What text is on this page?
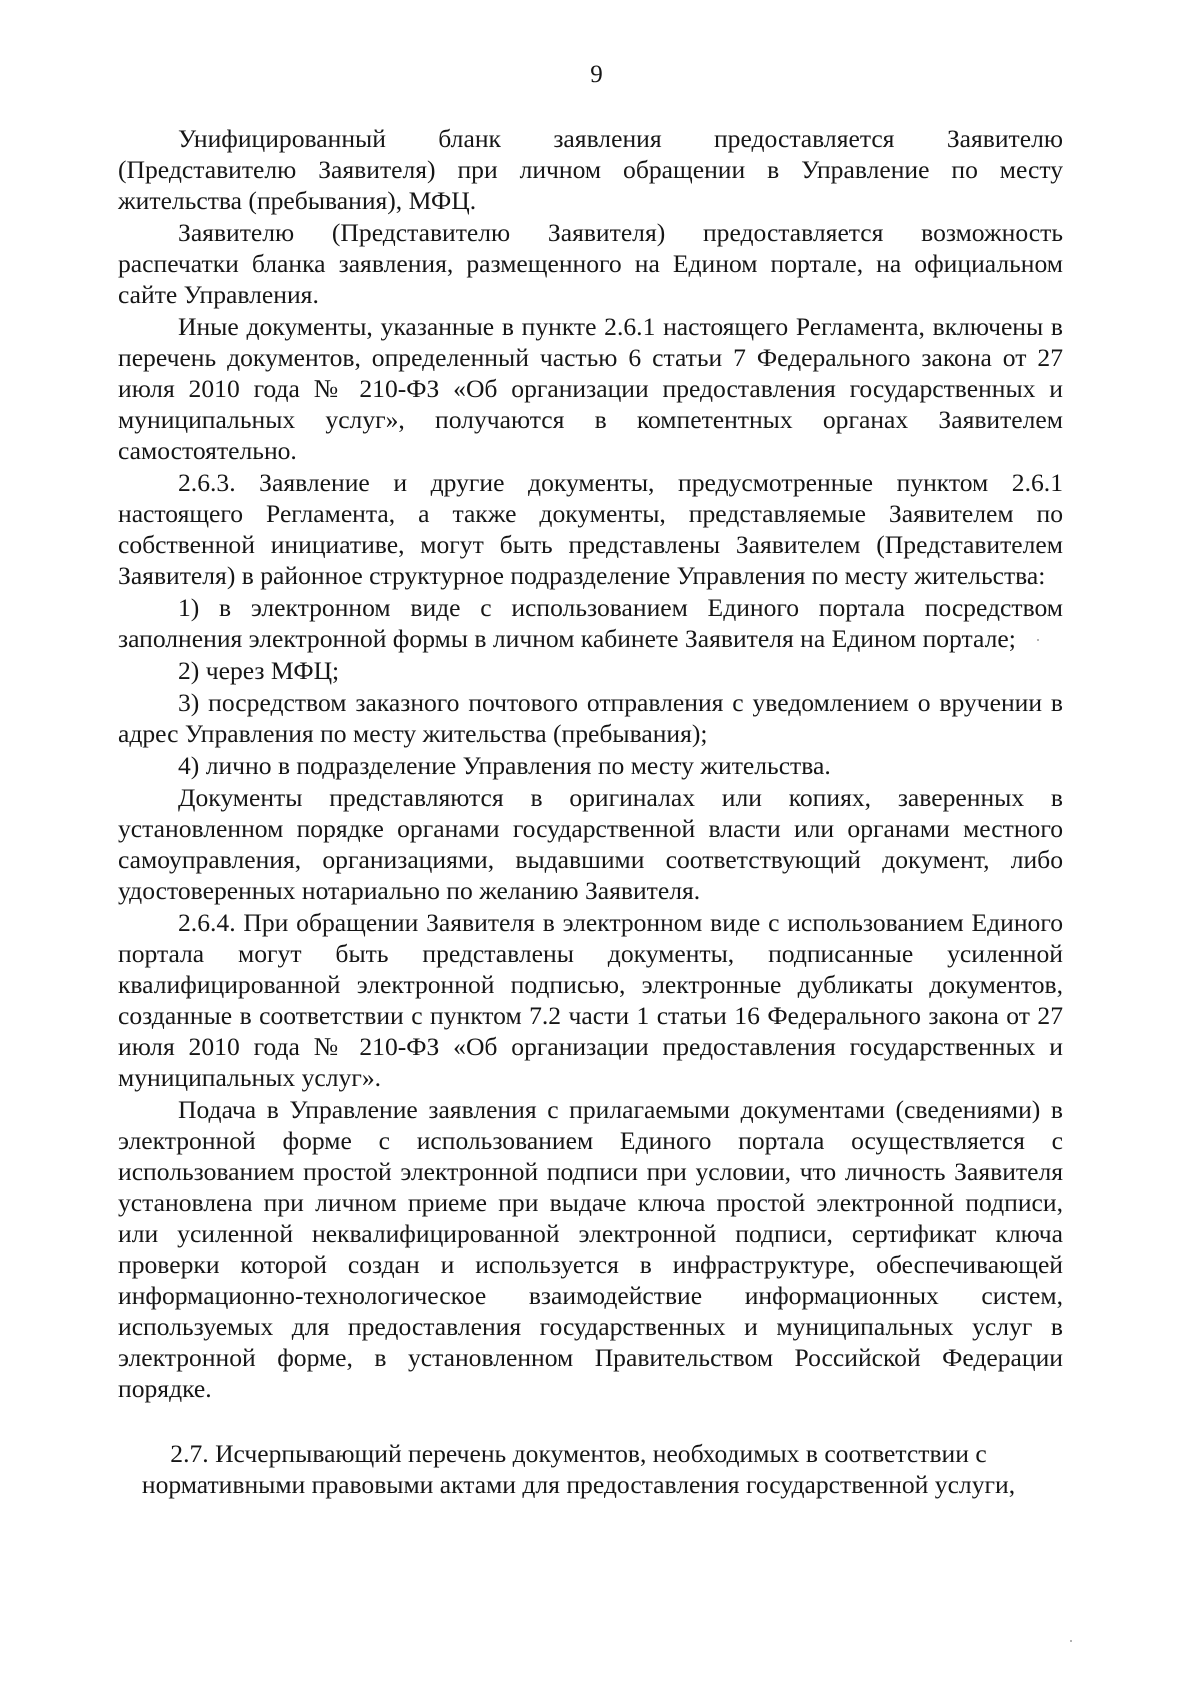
9

Унифицированный бланк заявления предоставляется Заявителю (Представителю Заявителя) при личном обращении в Управление по месту жительства (пребывания), МФЦ.

Заявителю (Представителю Заявителя) предоставляется возможность распечатки бланка заявления, размещенного на Едином портале, на официальном сайте Управления.

Иные документы, указанные в пункте 2.6.1 настоящего Регламента, включены в перечень документов, определенный частью 6 статьи 7 Федерального закона от 27 июля 2010 года № 210-ФЗ «Об организации предоставления государственных и муниципальных услуг», получаются в компетентных органах Заявителем самостоятельно.

2.6.3. Заявление и другие документы, предусмотренные пунктом 2.6.1 настоящего Регламента, а также документы, представляемые Заявителем по собственной инициативе, могут быть представлены Заявителем (Представителем Заявителя) в районное структурное подразделение Управления по месту жительства:

1) в электронном виде с использованием Единого портала посредством заполнения электронной формы в личном кабинете Заявителя на Едином портале;

2) через МФЦ;

3) посредством заказного почтового отправления с уведомлением о вручении в адрес Управления по месту жительства (пребывания);

4) лично в подразделение Управления по месту жительства.

Документы представляются в оригиналах или копиях, заверенных в установленном порядке органами государственной власти или органами местного самоуправления, организациями, выдавшими соответствующий документ, либо удостоверенных нотариально по желанию Заявителя.

2.6.4. При обращении Заявителя в электронном виде с использованием Единого портала могут быть представлены документы, подписанные усиленной квалифицированной электронной подписью, электронные дубликаты документов, созданные в соответствии с пунктом 7.2 части 1 статьи 16 Федерального закона от 27 июля 2010 года № 210-ФЗ «Об организации предоставления государственных и муниципальных услуг».

Подача в Управление заявления с прилагаемыми документами (сведениями) в электронной форме с использованием Единого портала осуществляется с использованием простой электронной подписи при условии, что личность Заявителя установлена при личном приеме при выдаче ключа простой электронной подписи, или усиленной неквалифицированной электронной подписи, сертификат ключа проверки которой создан и используется в инфраструктуре, обеспечивающей информационно-технологическое взаимодействие информационных систем, используемых для предоставления государственных и муниципальных услуг в электронной форме, в установленном Правительством Российской Федерации порядке.

2.7. Исчерпывающий перечень документов, необходимых в соответствии с
нормативными правовыми актами для предоставления государственной услуги,
